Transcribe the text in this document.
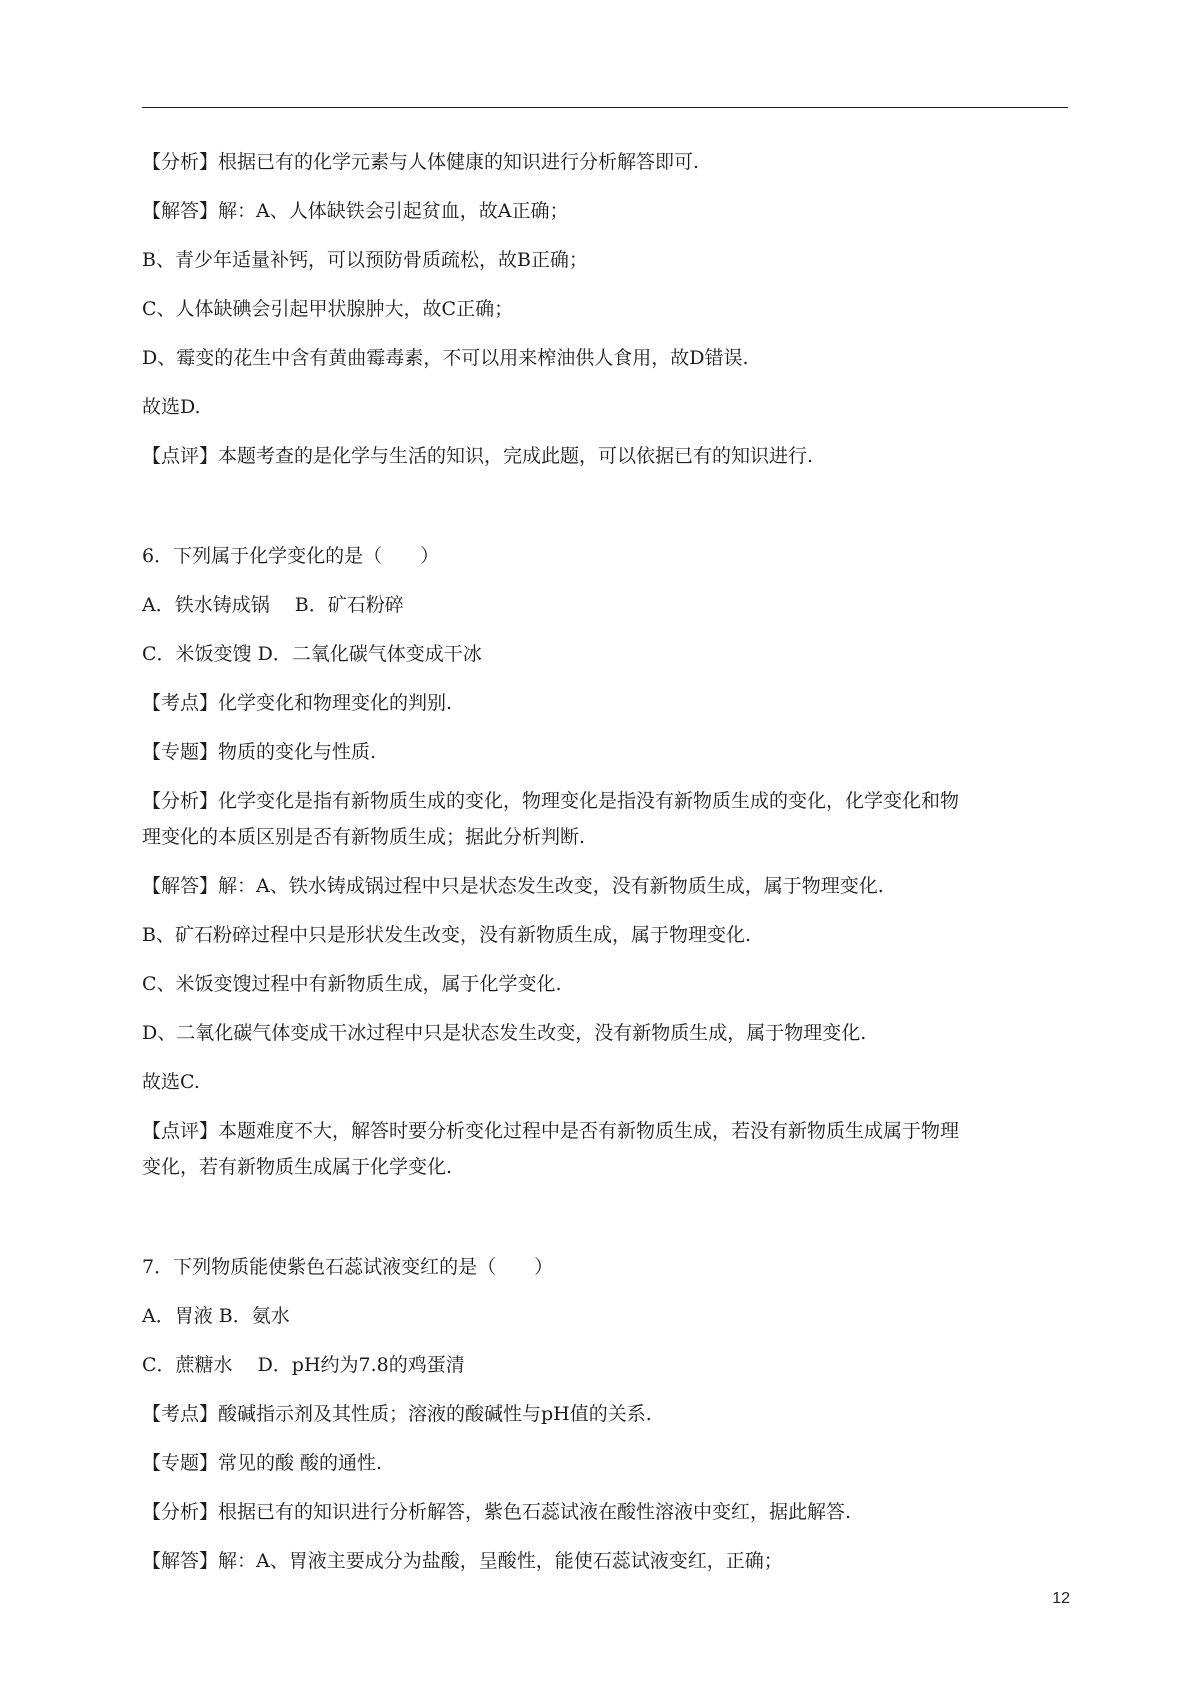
【分析】根据已有的化学元素与人体健康的知识进行分析解答即可.
【解答】解：A、人体缺铁会引起贫血，故A正确；
B、青少年适量补钙，可以预防骨质疏松，故B正确；
C、人体缺碘会引起甲状腺肿大，故C正确；
D、霉变的花生中含有黄曲霉毒素，不可以用来榨油供人食用，故D错误.
故选D.
【点评】本题考查的是化学与生活的知识，完成此题，可以依据已有的知识进行.
6．下列属于化学变化的是（　　）
A．铁水铸成锅　 B．矿石粉碎
C．米饭变馊 D．二氧化碳气体变成干冰
【考点】化学变化和物理变化的判别.
【专题】物质的变化与性质.
【分析】化学变化是指有新物质生成的变化，物理变化是指没有新物质生成的变化，化学变化和物
理变化的本质区别是否有新物质生成；据此分析判断.
【解答】解：A、铁水铸成锅过程中只是状态发生改变，没有新物质生成，属于物理变化.
B、矿石粉碎过程中只是形状发生改变，没有新物质生成，属于物理变化.
C、米饭变馊过程中有新物质生成，属于化学变化.
D、二氧化碳气体变成干冰过程中只是状态发生改变，没有新物质生成，属于物理变化.
故选C.
【点评】本题难度不大，解答时要分析变化过程中是否有新物质生成，若没有新物质生成属于物理
变化，若有新物质生成属于化学变化.
7．下列物质能使紫色石蕊试液变红的是（　　）
A．胃液 B．氨水
C．蔗糖水　 D．pH约为7.8的鸡蛋清
【考点】酸碱指示剂及其性质；溶液的酸碱性与pH值的关系.
【专题】常见的酸 酸的通性.
【分析】根据已有的知识进行分析解答，紫色石蕊试液在酸性溶液中变红，据此解答.
【解答】解：A、胃液主要成分为盐酸，呈酸性，能使石蕊试液变红，正确；
12
